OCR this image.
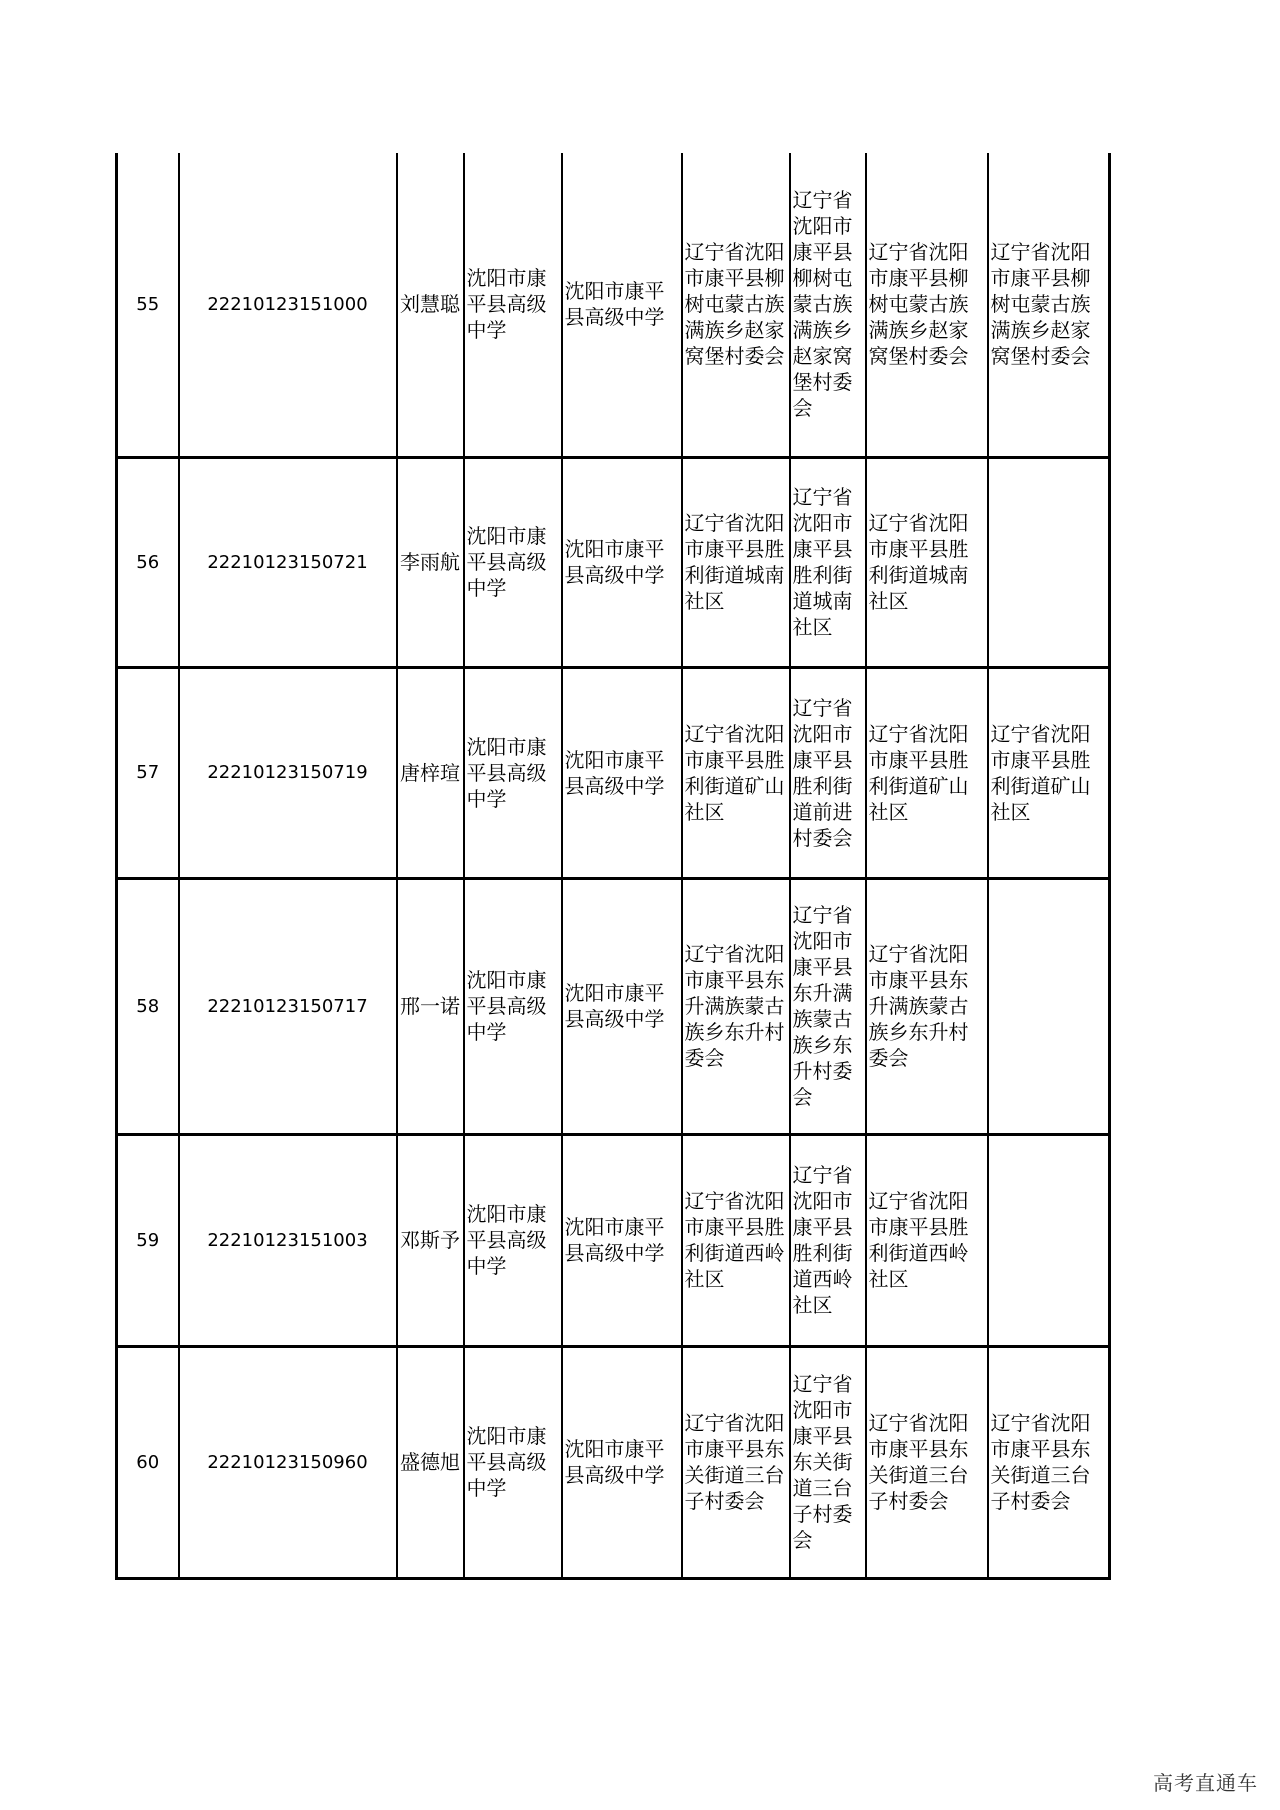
55	22210123151000	刘慧聪	沈阳市康平县高级中学	沈阳市康平县高级中学	辽宁省沈阳市康平县柳树屯蒙古族满族乡赵家窝堡村委会	辽宁省沈阳市康平县柳树屯蒙古族满族乡赵家窝堡村委会	辽宁省沈阳市康平县柳树屯蒙古族满族乡赵家窝堡村委会	辽宁省沈阳市康平县柳树屯蒙古族满族乡赵家窝堡村委会
56	22210123150721	李雨航	沈阳市康平县高级中学	沈阳市康平县高级中学	辽宁省沈阳市康平县胜利街道城南社区	辽宁省沈阳市康平县胜利街道城南社区	辽宁省沈阳市康平县胜利街道城南社区	
57	22210123150719	唐梓瑄	沈阳市康平县高级中学	沈阳市康平县高级中学	辽宁省沈阳市康平县胜利街道矿山社区	辽宁省沈阳市康平县胜利街道前进村委会	辽宁省沈阳市康平县胜利街道矿山社区	辽宁省沈阳市康平县胜利街道矿山社区
58	22210123150717	邢一诺	沈阳市康平县高级中学	沈阳市康平县高级中学	辽宁省沈阳市康平县东升满族蒙古族乡东升村委会	辽宁省沈阳市康平县东升满族蒙古族乡东升村委会	辽宁省沈阳市康平县东升满族蒙古族乡东升村委会	
59	22210123151003	邓斯予	沈阳市康平县高级中学	沈阳市康平县高级中学	辽宁省沈阳市康平县胜利街道西岭社区	辽宁省沈阳市康平县胜利街道西岭社区	辽宁省沈阳市康平县胜利街道西岭社区	
60	22210123150960	盛德旭	沈阳市康平县高级中学	沈阳市康平县高级中学	辽宁省沈阳市康平县东关街道三台子村委会	辽宁省沈阳市康平县东关街道三台子村委会	辽宁省沈阳市康平县东关街道三台子村委会	辽宁省沈阳市康平县东关街道三台子村委会
高考直通车
